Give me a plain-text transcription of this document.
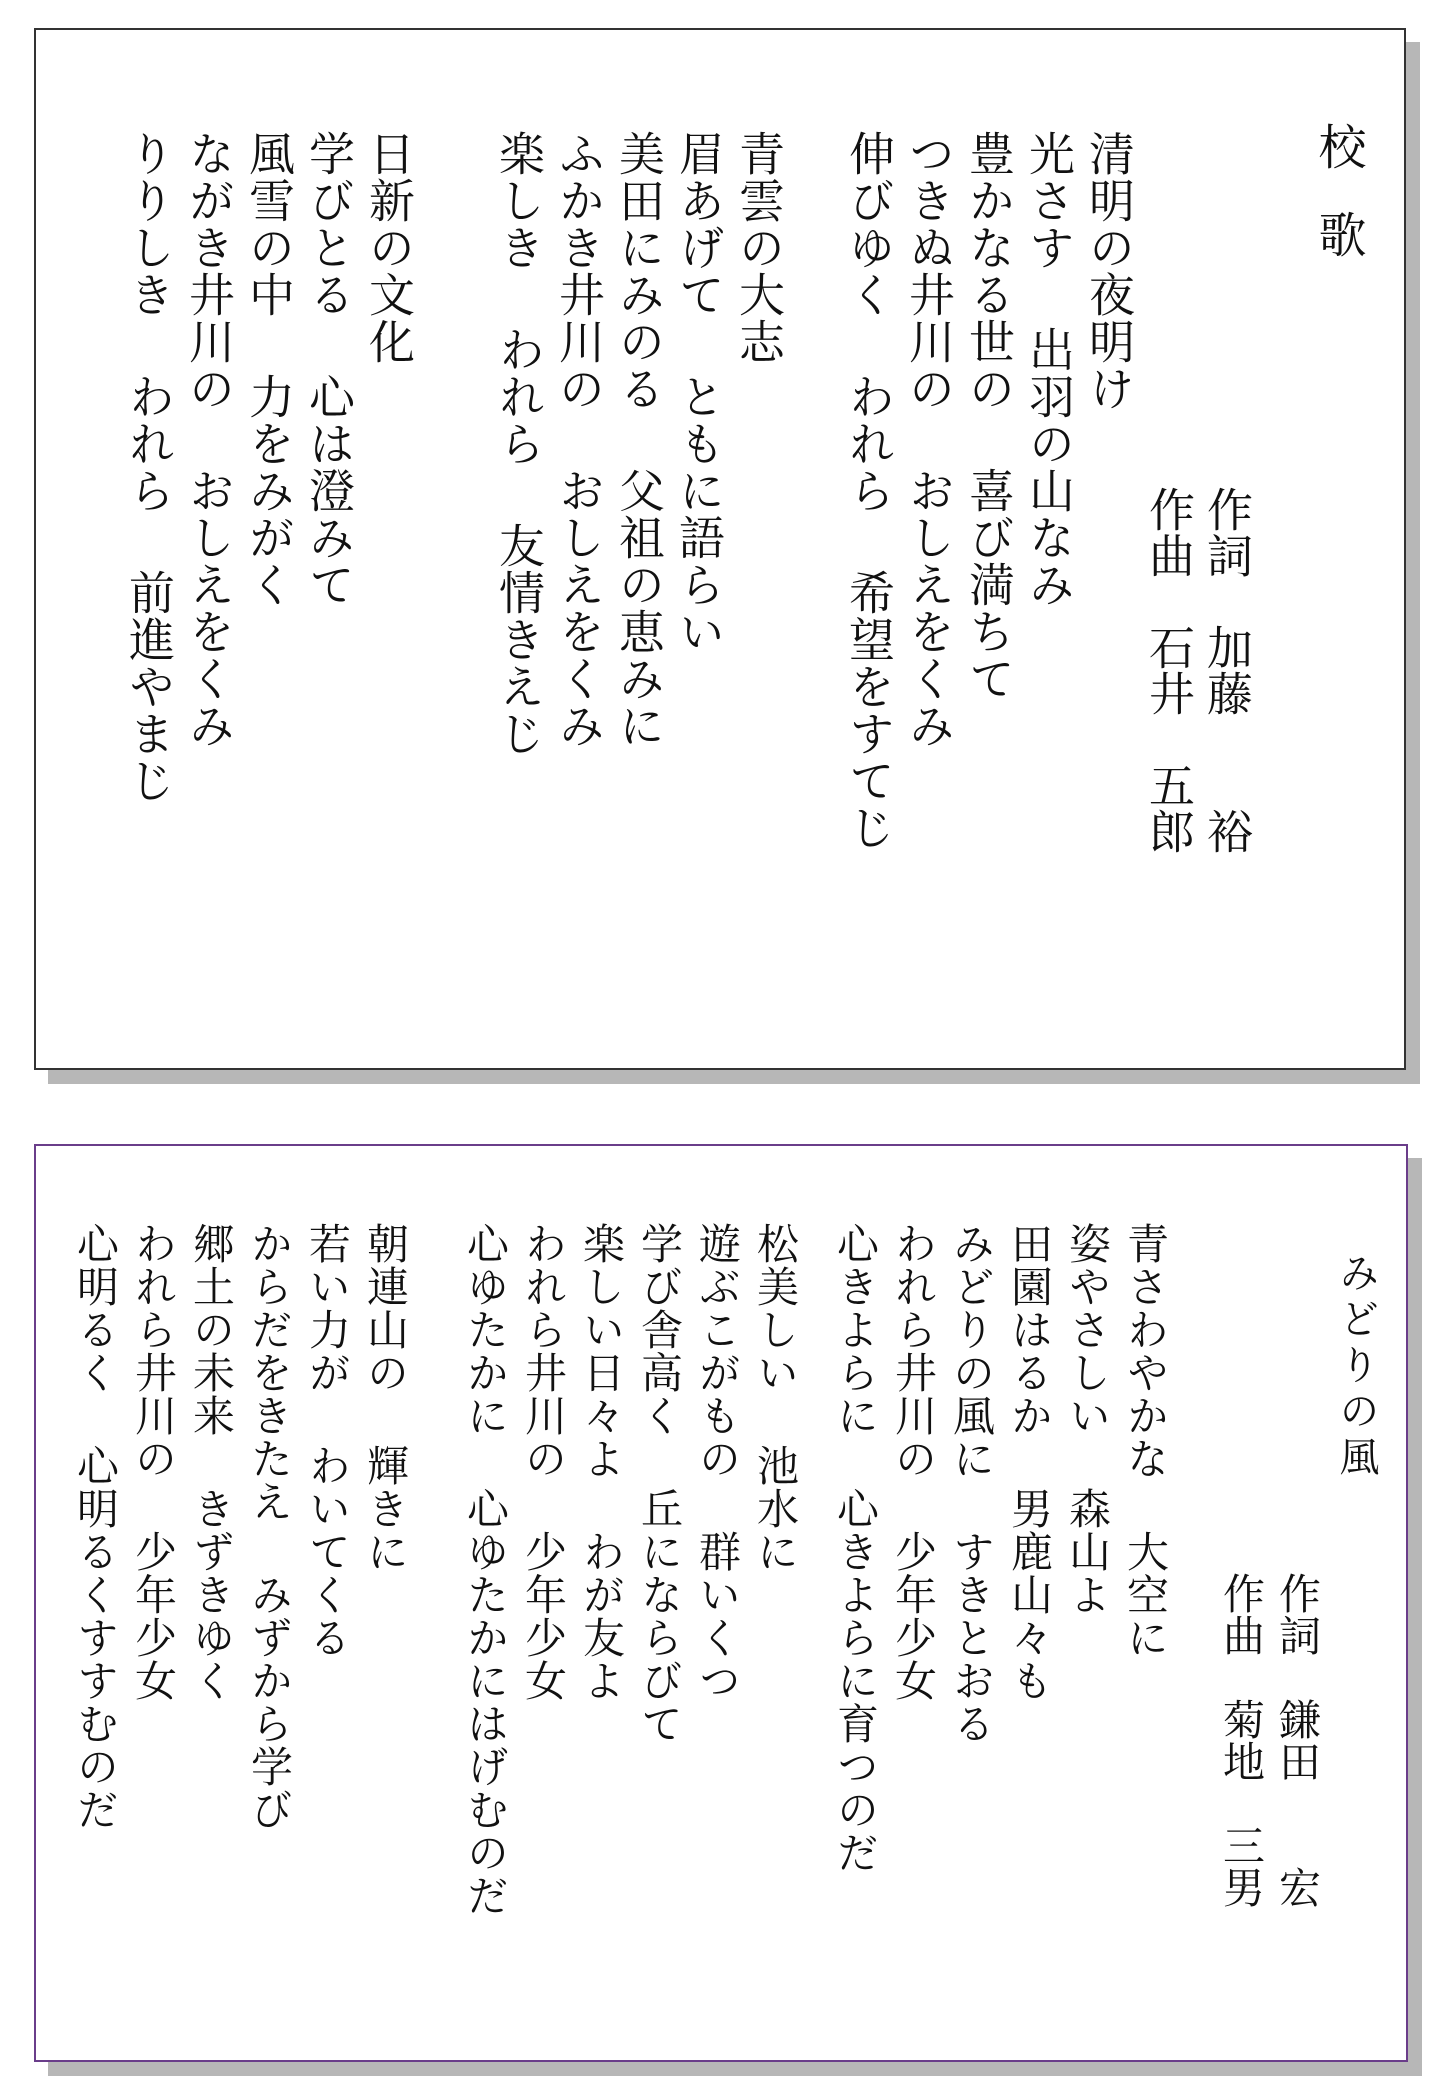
校歌
作詞　加藤　　裕
作曲　石井　五郎
清明の夜明け
光さす 出羽の山なみ
豊かなる世の 喜び満ちて
つきぬ井川の おしえをくみ
伸びゆく われら 希望をすてじ
青雲の大志
眉あげて ともに語らい
美田にみのる 父祖の恵みに
ふかき井川の おしえをくみ
楽しき われら 友情きえじ
日新の文化
学びとる 心は澄みて
風雪の中 力をみがく
ながき井川の おしえをくみ
りりしき われら 前進やまじ
みどりの風
作詞　鎌田　　宏
作曲　菊地　三男
青さわやかな 大空に
姿やさしい 森山よ
田園はるか 男鹿山々も
みどりの風に すきとおる
われら井川の 少年少女
心きよらに 心きよらに育つのだ
松美しい 池水に
遊ぶこがもの 群いくつ
学び舎高く 丘にならびて
楽しい日々よ わが友よ
われら井川の 少年少女
心ゆたかに 心ゆたかにはげむのだ
朝連山の 輝きに
若い力が わいてくる
からだをきたえ みずから学び
郷土の未来 きずきゆく
われら井川の 少年少女
心明るく 心明るくすすむのだ
